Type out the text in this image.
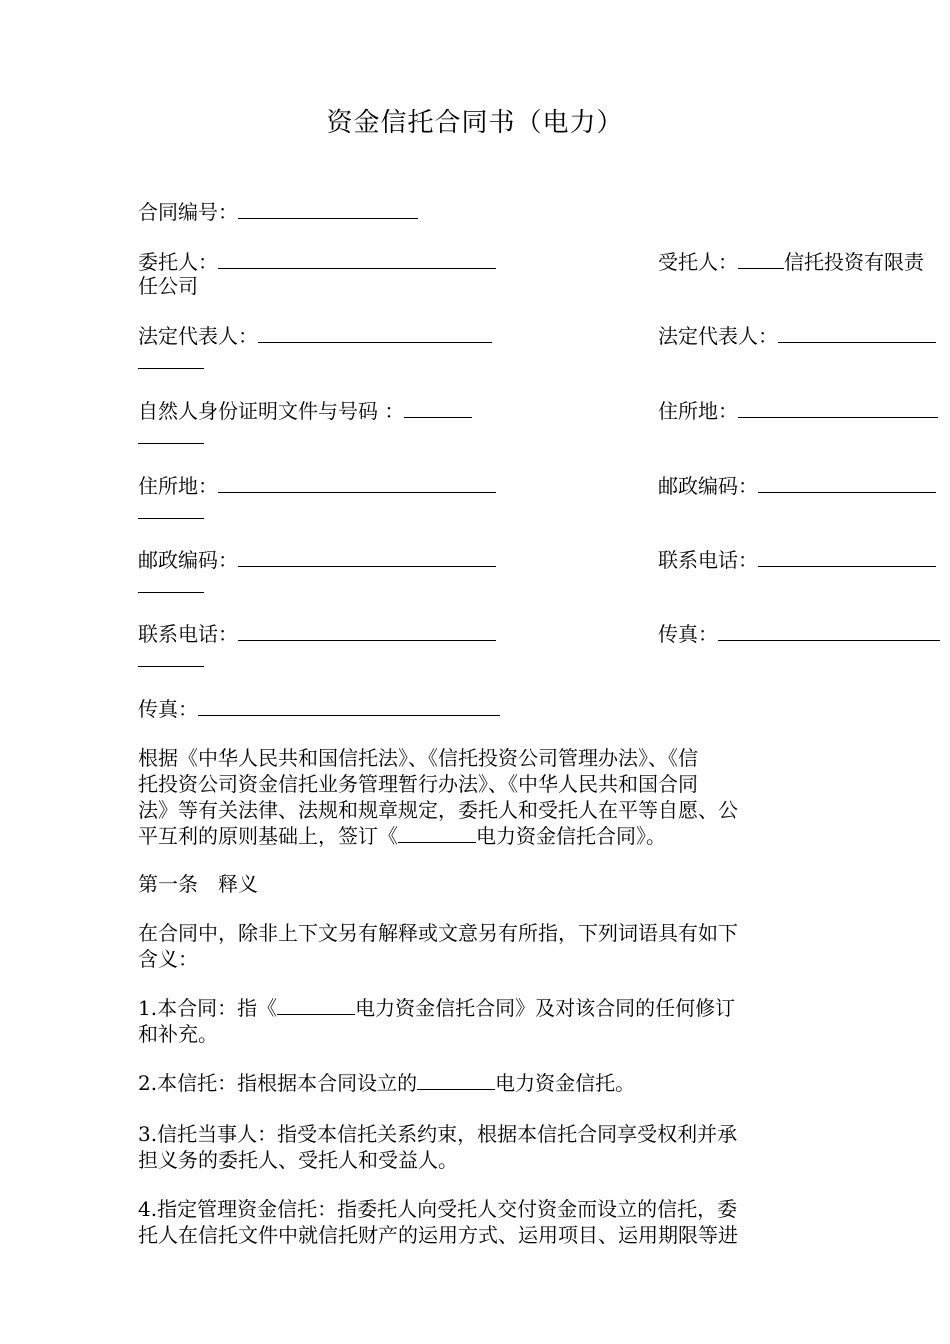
资金信托合同书（电力）
合同编号：
委托人：	受托人： 信托投资有限责
任公司
法定代表人：	法定代表人：
自然人身份证明文件与号码 ：	住所地：
住所地：	邮政编码：
邮政编码：	联系电话：
联系电话：	传真：
传真：
根据《中华人民共和国信托法》、《信托投资公司管理办法》、《信
托投资公司资金信托业务管理暂行办法》、《中华人民共和国合同
法》等有关法律、法规和规章规定，委托人和受托人在平等自愿、公
平互利的原则基础上，签订《	电力资金信托合同》。
第一条　释义
在合同中，除非上下文另有解释或文意另有所指，下列词语具有如下
含义：
1.本合同：指《	电力资金信托合同》及对该合同的任何修订
和补充。
2.本信托：指根据本合同设立的	电力资金信托。
3.信托当事人：指受本信托关系约束，根据本信托合同享受权利并承
担义务的委托人、受托人和受益人。
4.指定管理资金信托：指委托人向受托人交付资金而设立的信托，委
托人在信托文件中就信托财产的运用方式、运用项目、运用期限等进
